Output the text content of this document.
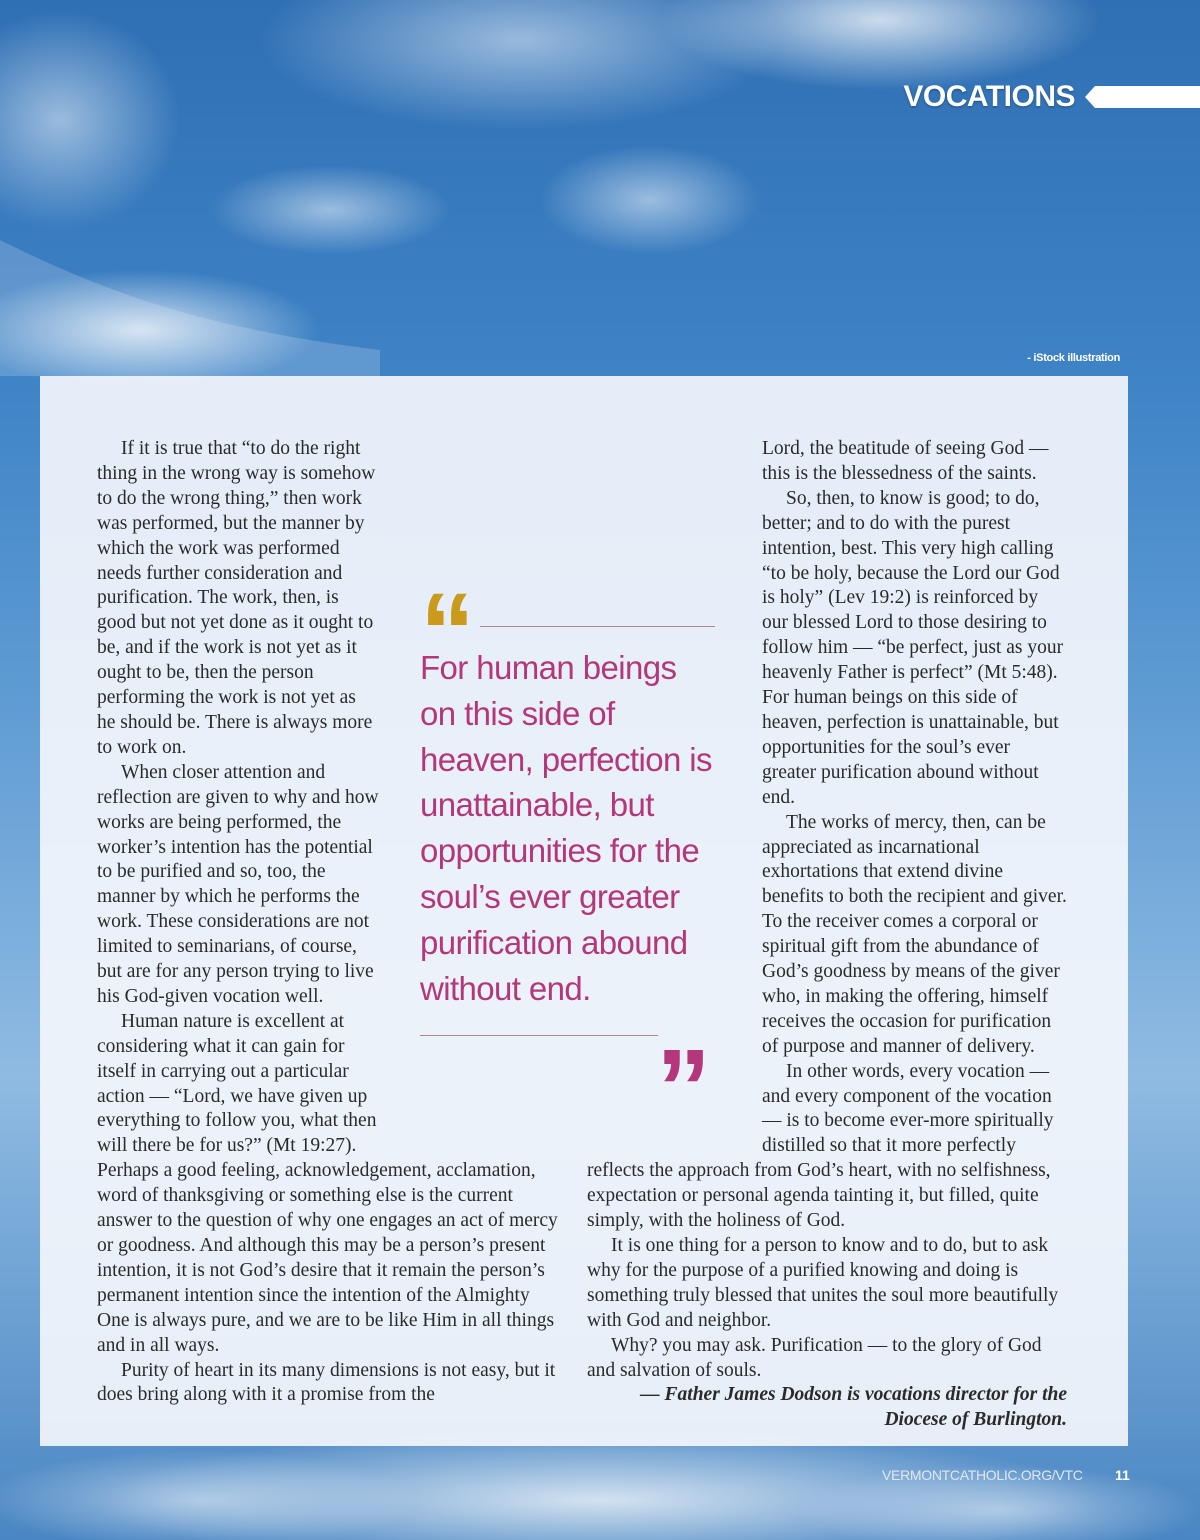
VOCATIONS
- iStock illustration

If it is true that “to do the right thing in the wrong way is somehow to do the wrong thing,” then work was performed, but the manner by which the work was performed needs further consideration and purification. The work, then, is good but not yet done as it ought to be, and if the work is not yet as it ought to be, then the person performing the work is not yet as he should be. There is always more to work on.

When closer attention and reflection are given to why and how works are being performed, the worker’s intention has the potential to be purified and so, too, the manner by which he performs the work. These considerations are not limited to seminarians, of course, but are for any person trying to live his God-given vocation well.

Human nature is excellent at considering what it can gain for itself in carrying out a particular action — “Lord, we have given up everything to follow you, what then will there be for us?” (Mt 19:27). Perhaps a good feeling, acknowledgement, acclamation, word of thanksgiving or something else is the current answer to the question of why one engages an act of mercy or goodness. And although this may be a person’s present intention, it is not God’s desire that it remain the person’s permanent intention since the intention of the Almighty One is always pure, and we are to be like Him in all things and in all ways.

Purity of heart in its many dimensions is not easy, but it does bring along with it a promise from the

Lord, the beatitude of seeing God — this is the blessedness of the saints.

So, then, to know is good; to do, better; and to do with the purest intention, best. This very high calling “to be holy, because the Lord our God is holy” (Lev 19:2) is reinforced by our blessed Lord to those desiring to follow him — “be perfect, just as your heavenly Father is perfect” (Mt 5:48). For human beings on this side of heaven, perfection is unattainable, but opportunities for the soul’s ever greater purification abound without end.

The works of mercy, then, can be appreciated as incarnational exhortations that extend divine benefits to both the recipient and giver. To the receiver comes a corporal or spiritual gift from the abundance of God’s goodness by means of the giver who, in making the offering, himself receives the occasion for purification of purpose and manner of delivery.

In other words, every vocation — and every component of the vocation — is to become ever-more spiritually distilled so that it more perfectly reflects the approach from God’s heart, with no selfishness, expectation or personal agenda tainting it, but filled, quite simply, with the holiness of God.

It is one thing for a person to know and to do, but to ask why for the purpose of a purified knowing and doing is something truly blessed that unites the soul more beautifully with God and neighbor.

Why? you may ask. Purification — to the glory of God and salvation of souls.

— Father James Dodson is vocations director for the Diocese of Burlington.

For human beings on this side of heaven, perfection is unattainable, but opportunities for the soul’s ever greater purification abound without end.
VERMONTCATHOLIC.ORG/VTC 11
